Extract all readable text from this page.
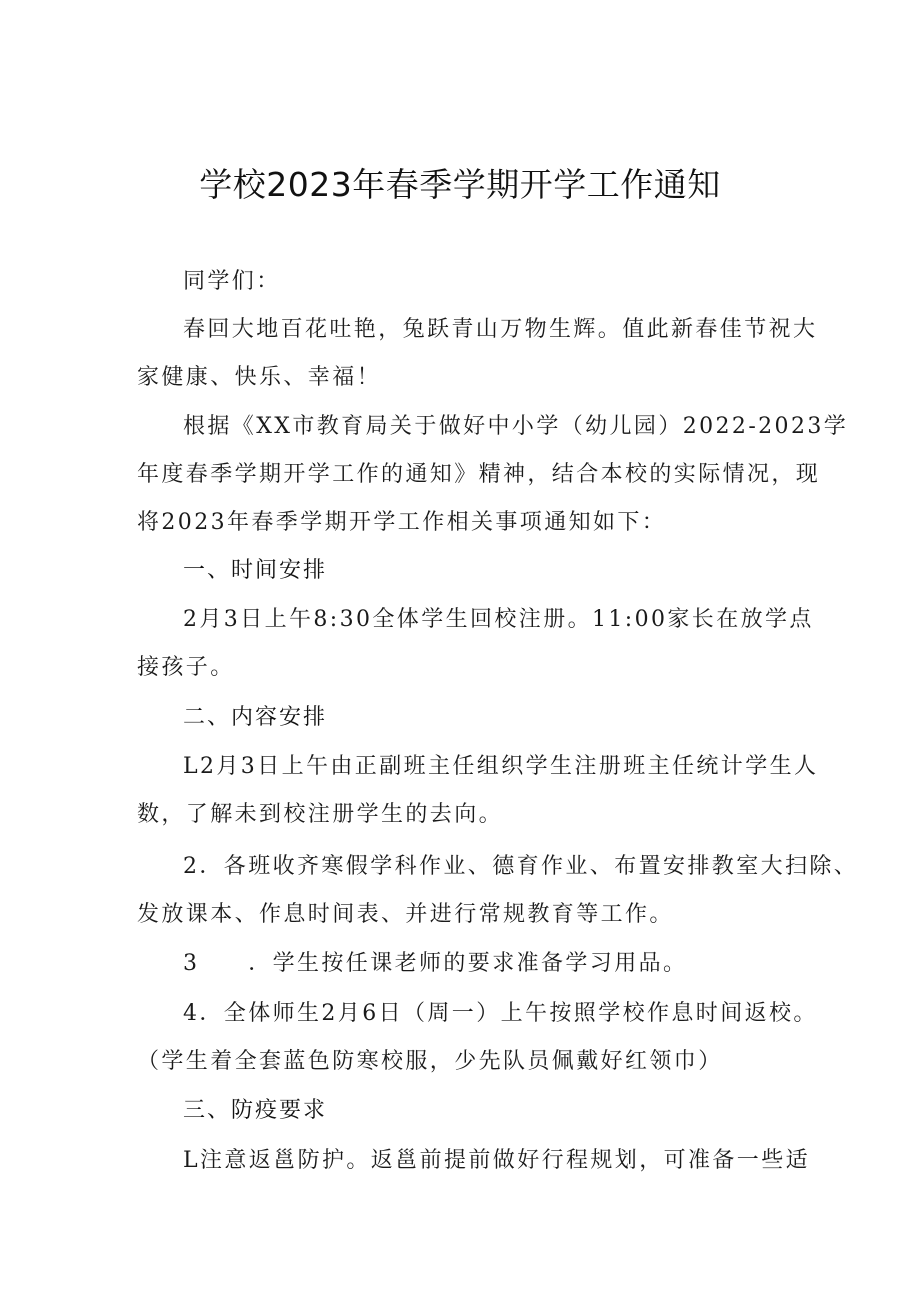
学校2023年春季学期开学工作通知
同学们：
春回大地百花吐艳，兔跃青山万物生辉。值此新春佳节祝大
家健康、快乐、幸福！
根据《XX市教育局关于做好中小学（幼儿园）2022-2023学
年度春季学期开学工作的通知》精神，结合本校的实际情况，现
将2023年春季学期开学工作相关事项通知如下：
一、时间安排
2月3日上午8:30全体学生回校注册。11:00家长在放学点
接孩子。
二、内容安排
L2月3日上午由正副班主任组织学生注册班主任统计学生人
数，了解未到校注册学生的去向。
2．各班收齐寒假学科作业、德育作业、布置安排教室大扫除、
发放课本、作息时间表、并进行常规教育等工作。
3　　．学生按任课老师的要求准备学习用品。
4．全体师生2月6日（周一）上午按照学校作息时间返校。
（学生着全套蓝色防寒校服，少先队员佩戴好红领巾）
三、防疫要求
L注意返邕防护。返邕前提前做好行程规划，可准备一些适
